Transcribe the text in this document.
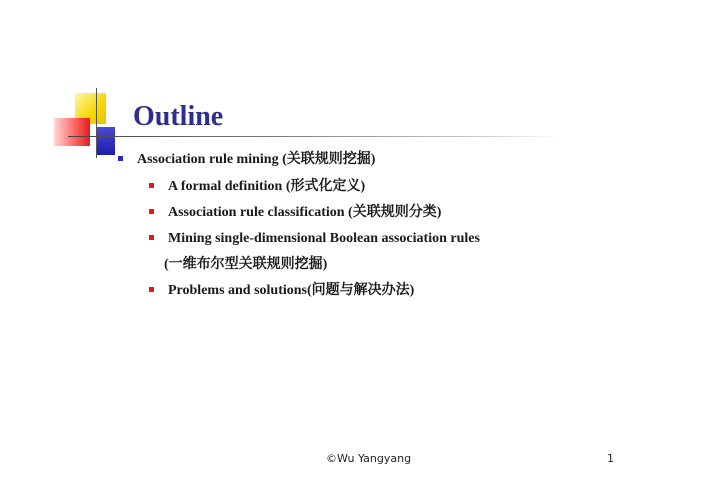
Outline
Association rule mining (关联规则挖掘)
A formal definition (形式化定义)
Association rule classification (关联规则分类)
Mining single-dimensional Boolean association rules
(一维布尔型关联规则挖掘)
Problems and solutions(问题与解决办法)
©Wu Yangyang	1
